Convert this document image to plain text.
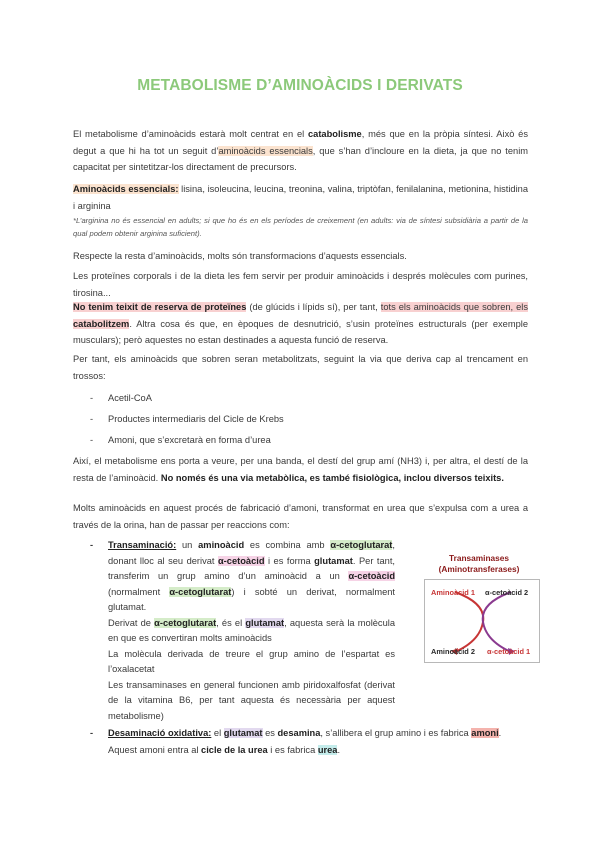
METABOLISME D’AMINOÀCIDS I DERIVATS
El metabolisme d’aminoàcids estarà molt centrat en el catabolisme, més que en la pròpia síntesi. Això és degut a que hi ha tot un seguit d’aminoàcids essencials, que s’han d’incloure en la dieta, ja que no tenim capacitat per sintetitzar-los directament de precursors.
Aminoàcids essencials: lisina, isoleucina, leucina, treonina, valina, triptòfan, fenilalanina, metionina, histidina i arginina
*L’arginina no és essencial en adults; si que ho és en els períodes de creixement (en adults: via de síntesi subsidiària a partir de la qual podem obtenir arginina suficient).
Respecte la resta d’aminoàcids, molts són transformacions d’aquests essencials.
Les proteïnes corporals i de la dieta les fem servir per produir aminoàcids i després molècules com purines, tirosina...
No tenim teixit de reserva de proteïnes (de glúcids i lípids sí), per tant, tots els aminoàcids que sobren, els catabolitzem. Altra cosa és que, en èpoques de desnutrició, s’usin proteïnes estructurals (per exemple musculars); però aquestes no estan destinades a aquesta funció de reserva.
Per tant, els aminoàcids que sobren seran metabolitzats, seguint la via que deriva cap al trencament en trossos:
- Acetil-CoA
- Productes intermediaris del Cicle de Krebs
- Amoni, que s’excretarà en forma d’urea
Així, el metabolisme ens porta a veure, per una banda, el destí del grup amí (NH3) i, per altra, el destí de la resta de l’aminoàcid. No només és una via metabòlica, es també fisiològica, inclou diversos teixits.
Molts aminoàcids en aquest procés de fabricació d’amoni, transformat en urea que s’expulsa com a urea a través de la orina, han de passar per reaccions com:
-	Transaminació: un aminoàcid es combina amb α-cetoglutarat, donant lloc al seu derivat α-cetoàcid i es forma glutamat. Per tant, transferim un grup amino d’un aminoàcid a un α-cetoàcid (normalment α-cetoglutarat) i sobté un derivat, normalment glutamat.
Derivat de α-cetoglutarat, és el glutamat, aquesta serà la molècula en que es convertiran molts aminoàcids
La molècula derivada de treure el grup amino de l’espartat es l’oxalacetat
Les transaminases en general funcionen amb piridoxalfosfat (derivat de la vitamina B6, per tant aquesta és necessària per aquest metabolisme)
Transaminases
(Aminotransferases)
Aminoàcid 1 α-cetoàcid 2
Aminoàcid 2 α-cetoàcid 1
-	Desaminació oxidativa: el glutamat es desamina, s’allibera el grup amino i es fabrica amoni. Aquest amoni entra al cicle de la urea i es fabrica urea.
